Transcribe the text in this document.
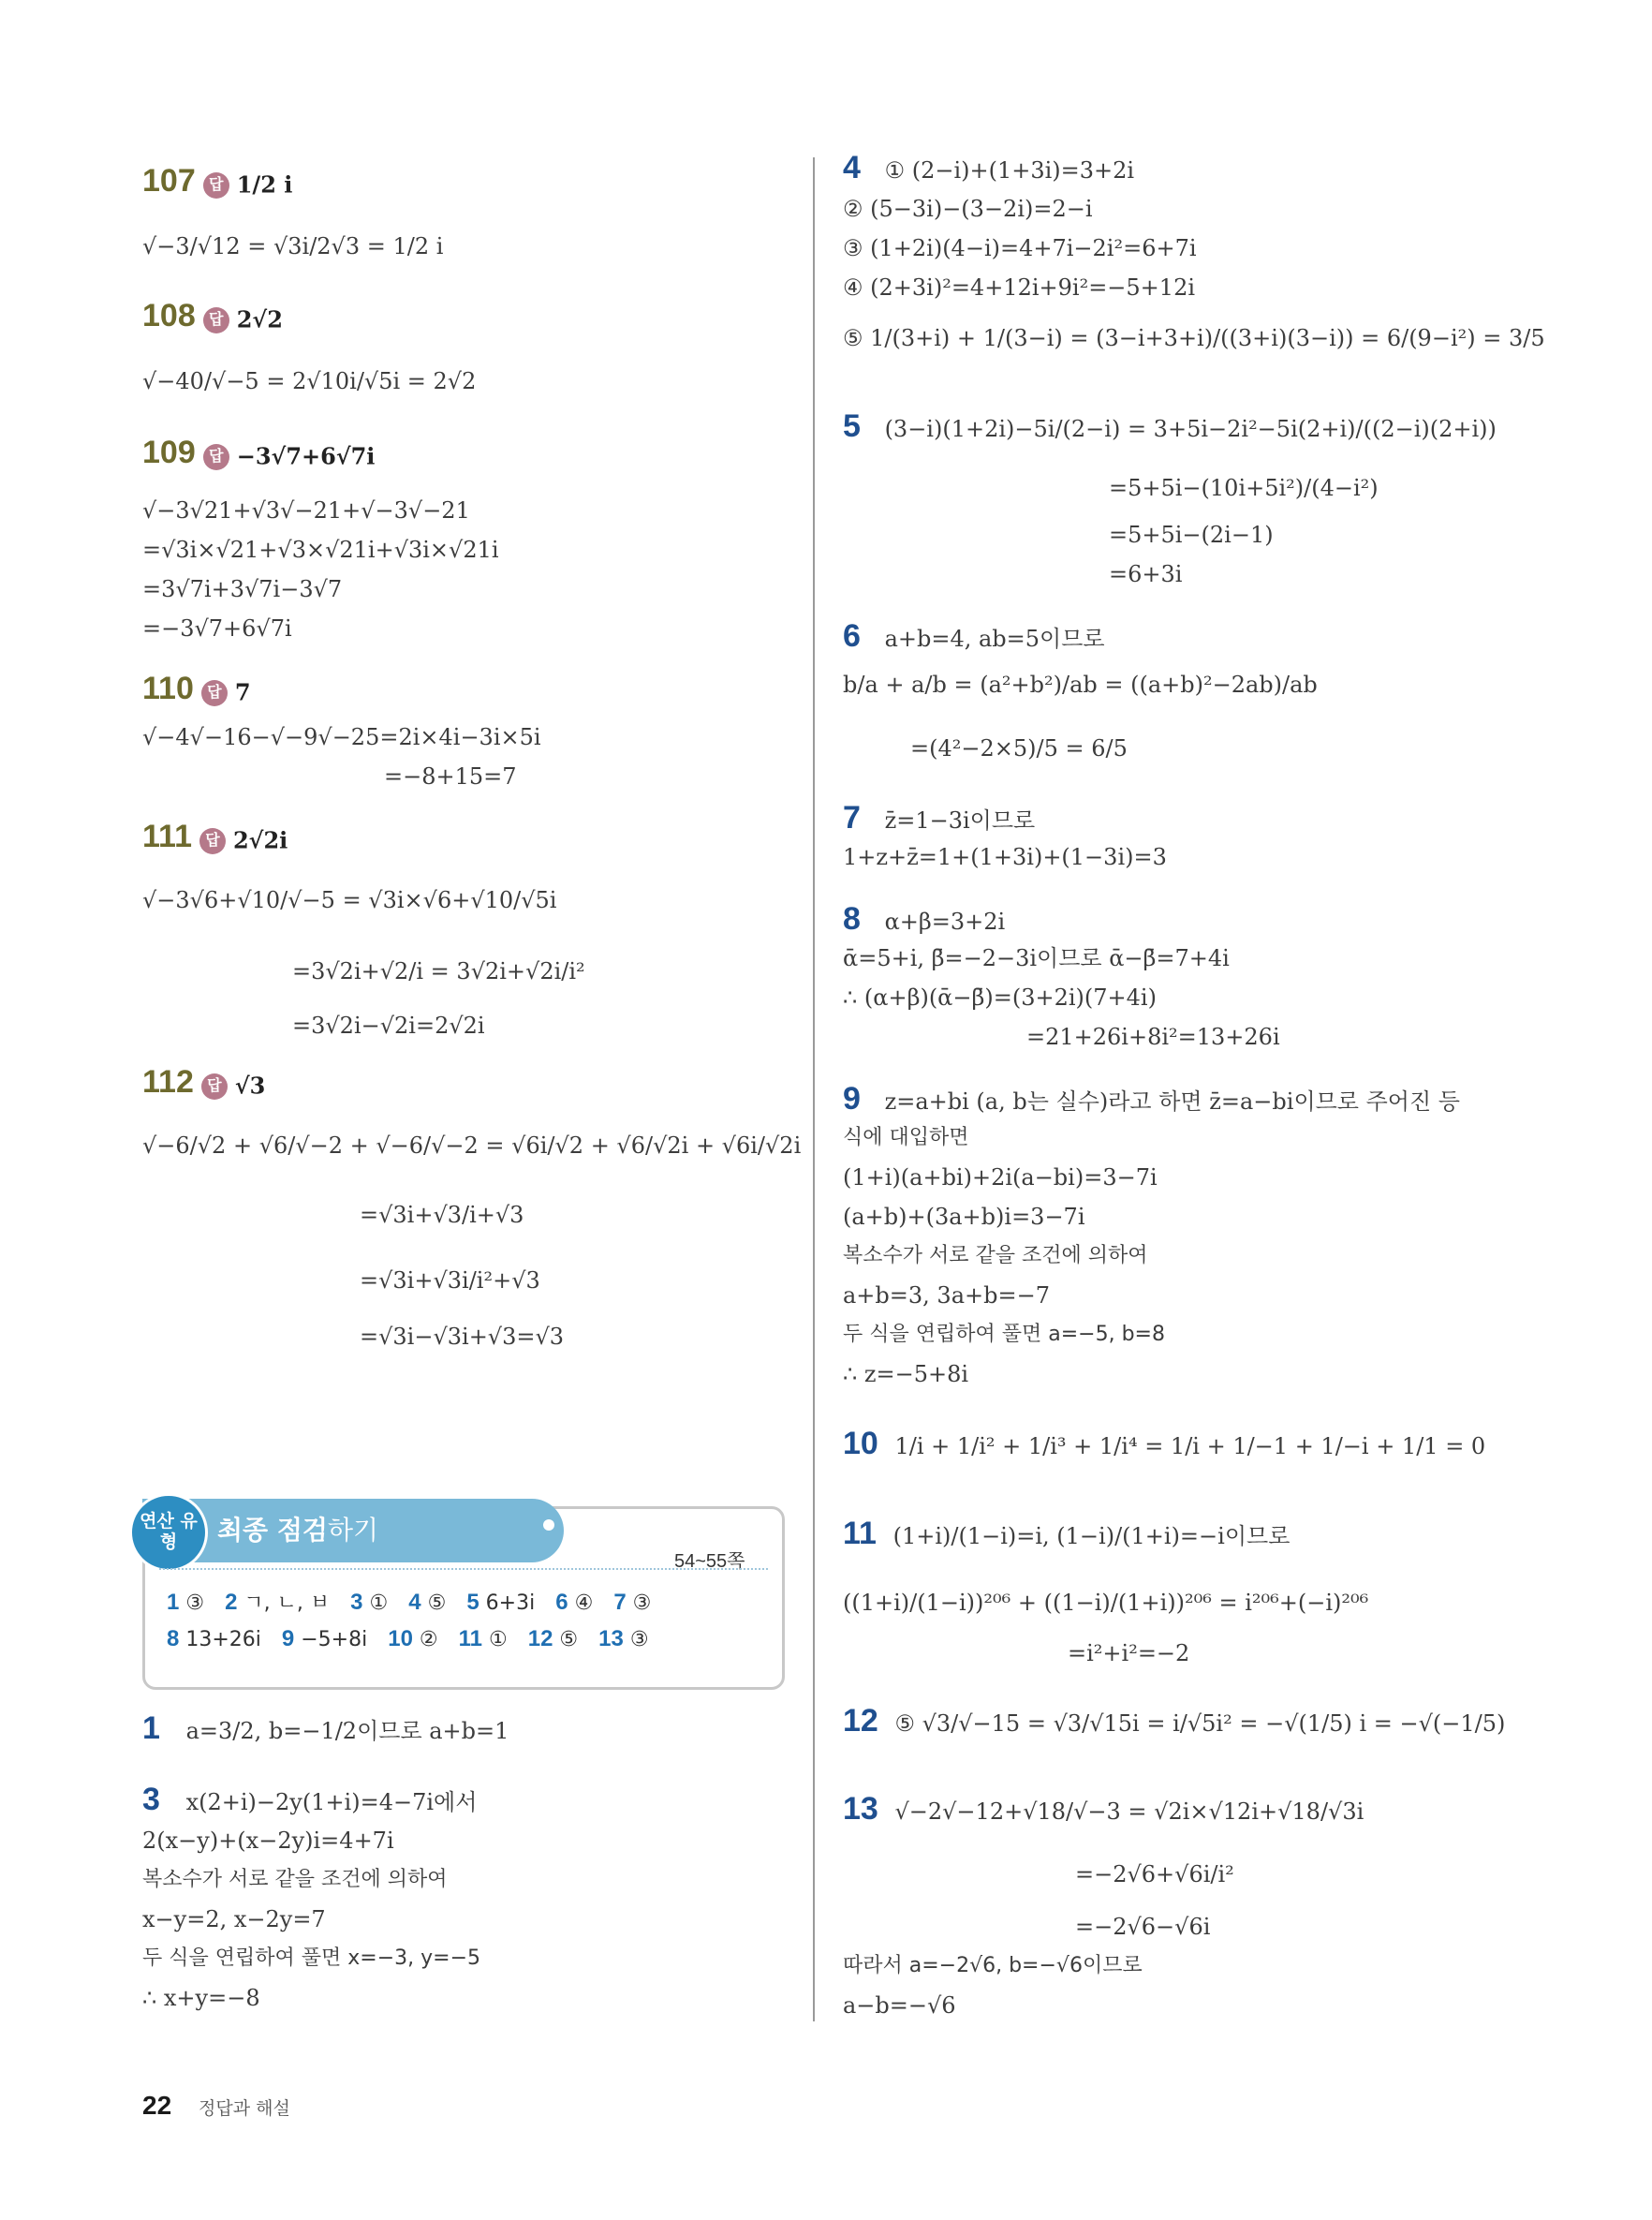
107 답 1/2 i
√−3/√12 = √3i/2√3 = 1/2 i
108 답 2√2
√−40/√−5 = 2√10i/√5i = 2√2
109 답 −3√7+6√7i
√−3√21+√3√−21+√−3√−21
=√3i×√21+√3×√21i+√3i×√21i
=3√7i+3√7i−3√7
=−3√7+6√7i
110 답 7
√−4√−16−√−9√−25=2i×4i−3i×5i
=−8+15=7
111 답 2√2i
√−3√6+√10/√−5 = √3i×√6+√10/√5i
=3√2i+√2/i = 3√2i+√2i/i²
=3√2i−√2i=2√2i
112 답 √3
√−6/√2 + √6/√−2 + √−6/√−2 = √6i/√2 + √6/√2i + √6i/√2i
=√3i+√3/i+√3
=√3i+√3i/i²+√3
=√3i−√3i+√3=√3
연산 유형	최종 점검하기
54~55쪽
1 ③ 2 ㄱ, ㄴ, ㅂ 3 ① 4 ⑤ 5 6+3i 6 ④ 7 ③
8 13+26i 9 −5+8i 10 ② 11 ① 12 ⑤ 13 ③
1 a=3/2, b=−1/2이므로 a+b=1
3 x(2+i)−2y(1+i)=4−7i에서
2(x−y)+(x−2y)i=4+7i
복소수가 서로 같을 조건에 의하여
x−y=2, x−2y=7
두 식을 연립하여 풀면 x=−3, y=−5
∴ x+y=−8
4 ① (2−i)+(1+3i)=3+2i
② (5−3i)−(3−2i)=2−i
③ (1+2i)(4−i)=4+7i−2i²=6+7i
④ (2+3i)²=4+12i+9i²=−5+12i
⑤ 1/(3+i) + 1/(3−i) = (3−i+3+i)/((3+i)(3−i)) = 6/(9−i²) = 3/5
5 (3−i)(1+2i)−5i/(2−i) = 3+5i−2i²−5i(2+i)/((2−i)(2+i))
=5+5i−(10i+5i²)/(4−i²)
=5+5i−(2i−1)
=6+3i
6 a+b=4, ab=5이므로
b/a + a/b = (a²+b²)/ab = ((a+b)²−2ab)/ab
=(4²−2×5)/5 = 6/5
7 z̄=1−3i이므로
1+z+z̄=1+(1+3i)+(1−3i)=3
8 α+β=3+2i
ᾱ=5+i, β̄=−2−3i이므로 ᾱ−β̄=7+4i
∴ (α+β)(ᾱ−β̄)=(3+2i)(7+4i)
=21+26i+8i²=13+26i
9 z=a+bi (a, b는 실수)라고 하면 z̄=a−bi이므로 주어진 등
식에 대입하면
(1+i)(a+bi)+2i(a−bi)=3−7i
(a+b)+(3a+b)i=3−7i
복소수가 서로 같을 조건에 의하여
a+b=3, 3a+b=−7
두 식을 연립하여 풀면 a=−5, b=8
∴ z=−5+8i
10 1/i + 1/i² + 1/i³ + 1/i⁴ = 1/i + 1/−1 + 1/−i + 1/1 = 0
11 (1+i)/(1−i)=i, (1−i)/(1+i)=−i이므로
((1+i)/(1−i))²⁰⁶ + ((1−i)/(1+i))²⁰⁶ = i²⁰⁶+(−i)²⁰⁶
=i²+i²=−2
12 ⑤ √3/√−15 = √3/√15i = i/√5i² = −√(1/5) i = −√(−1/5)
13 √−2√−12+√18/√−3 = √2i×√12i+√18/√3i
=−2√6+√6i/i²
=−2√6−√6i
따라서 a=−2√6, b=−√6이므로
a−b=−√6
22 정답과 해설
